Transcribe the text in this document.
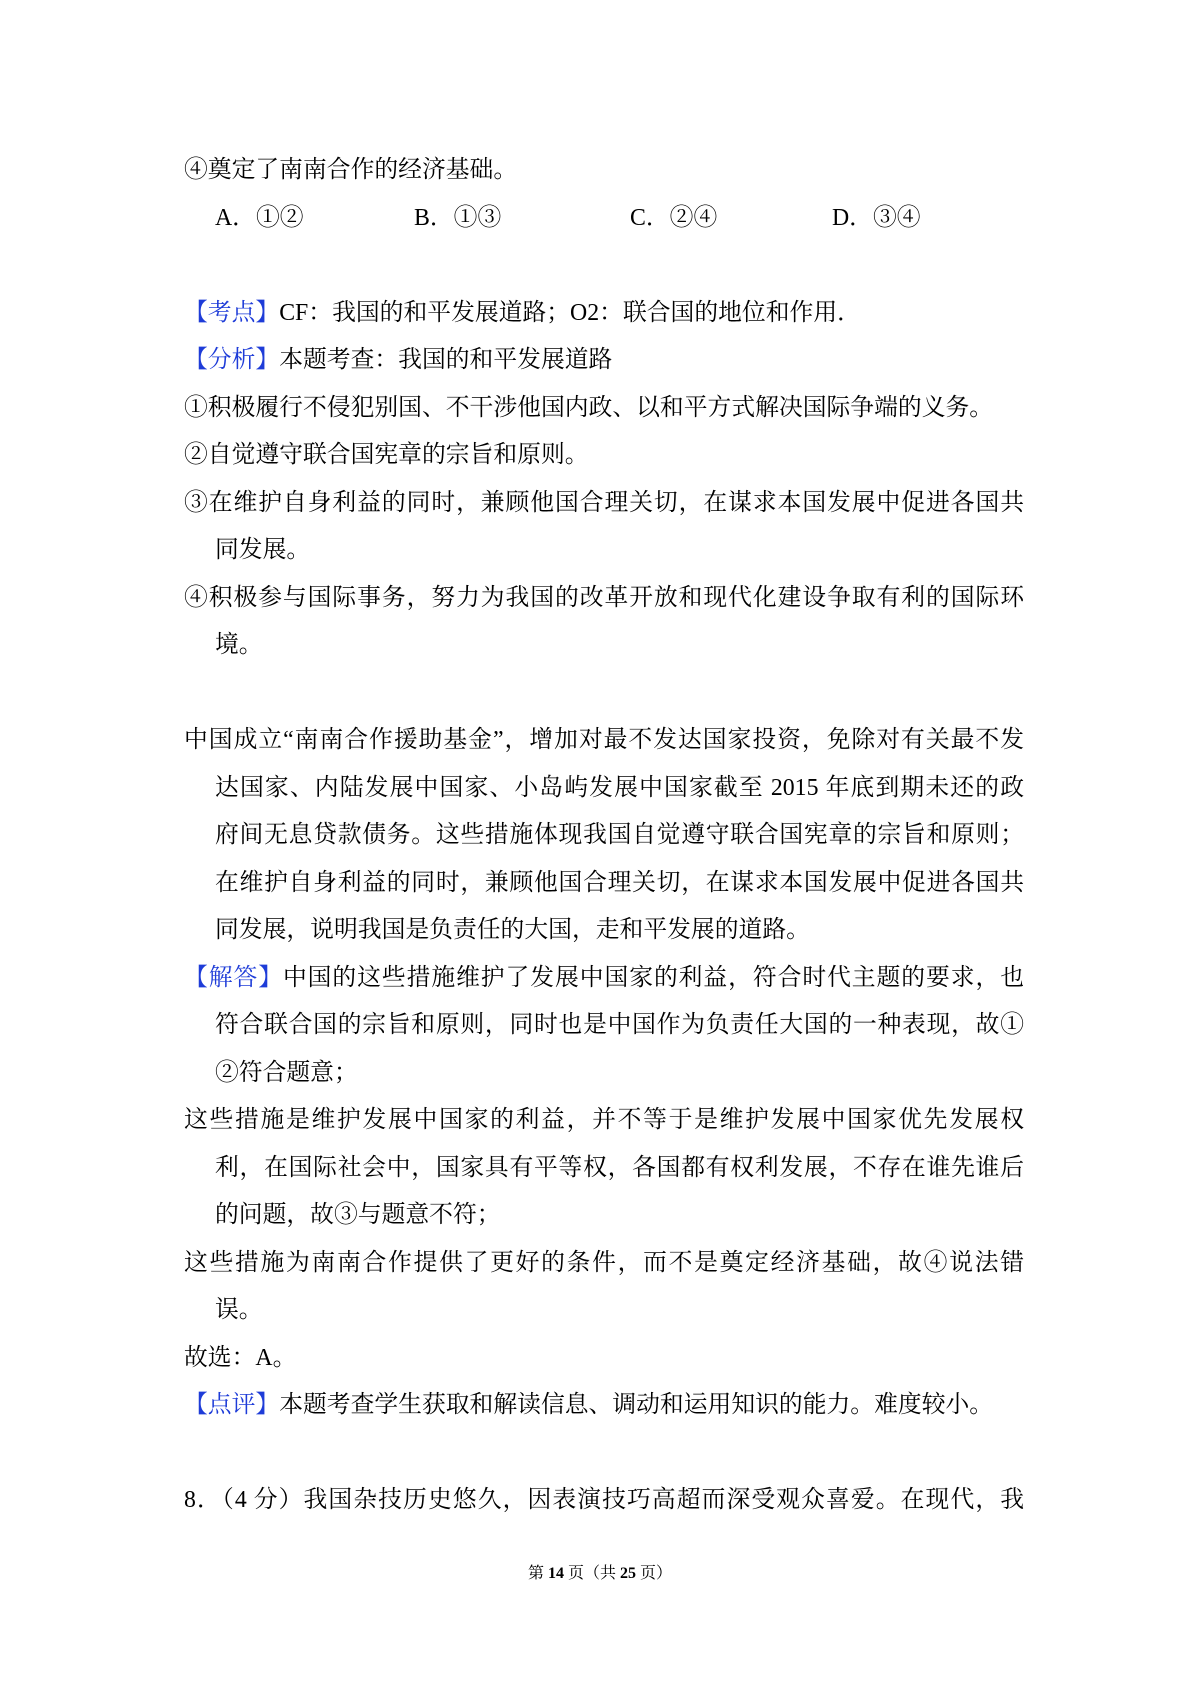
④奠定了南南合作的经济基础。
A．①②	B．①③	C．②④	D．③④
【考点】CF：我国的和平发展道路；O2：联合国的地位和作用．
【分析】本题考查：我国的和平发展道路
①积极履行不侵犯别国、不干涉他国内政、以和平方式解决国际争端的义务。
②自觉遵守联合国宪章的宗旨和原则。
③在维护自身利益的同时，兼顾他国合理关切，在谋求本国发展中促进各国共
同发展。
④积极参与国际事务，努力为我国的改革开放和现代化建设争取有利的国际环
境。
中国成立“南南合作援助基金”，增加对最不发达国家投资，免除对有关最不发
达国家、内陆发展中国家、小岛屿发展中国家截至 2015 年底到期未还的政
府间无息贷款债务。这些措施体现我国自觉遵守联合国宪章的宗旨和原则；
在维护自身利益的同时，兼顾他国合理关切，在谋求本国发展中促进各国共
同发展，说明我国是负责任的大国，走和平发展的道路。
【解答】中国的这些措施维护了发展中国家的利益，符合时代主题的要求，也
符合联合国的宗旨和原则，同时也是中国作为负责任大国的一种表现，故①
②符合题意；
这些措施是维护发展中国家的利益，并不等于是维护发展中国家优先发展权
利，在国际社会中，国家具有平等权，各国都有权利发展，不存在谁先谁后
的问题，故③与题意不符；
这些措施为南南合作提供了更好的条件，而不是奠定经济基础，故④说法错
误。
故选：A。
【点评】本题考查学生获取和解读信息、调动和运用知识的能力。难度较小。
8．（4 分）我国杂技历史悠久，因表演技巧高超而深受观众喜爱。在现代，我
第 14 页（共 25 页）
